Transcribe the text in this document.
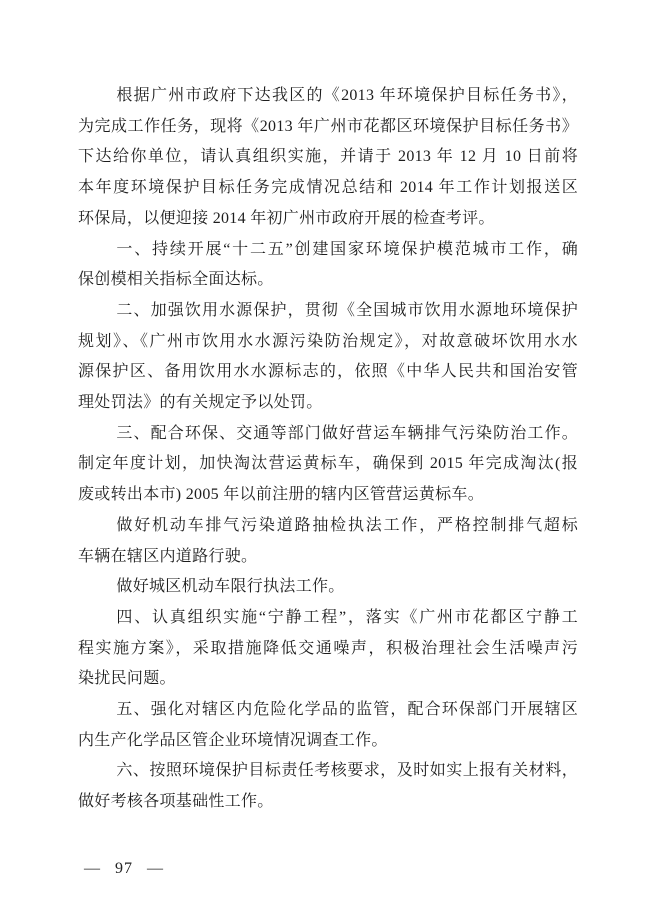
根据广州市政府下达我区的《2013 年环境保护目标任务书》，
为完成工作任务，现将《2013 年广州市花都区环境保护目标任务书》
下达给你单位，请认真组织实施，并请于 2013 年 12 月 10 日前将
本年度环境保护目标任务完成情况总结和 2014 年工作计划报送区
环保局，以便迎接 2014 年初广州市政府开展的检查考评。
一、持续开展“十二五”创建国家环境保护模范城市工作，确
保创模相关指标全面达标。
二、加强饮用水源保护，贯彻《全国城市饮用水源地环境保护
规划》、《广州市饮用水水源污染防治规定》，对故意破坏饮用水水
源保护区、备用饮用水水源标志的，依照《中华人民共和国治安管
理处罚法》的有关规定予以处罚。
三、配合环保、交通等部门做好营运车辆排气污染防治工作。
制定年度计划，加快淘汰营运黄标车，确保到 2015 年完成淘汰(报
废或转出本市) 2005 年以前注册的辖内区管营运黄标车。
做好机动车排气污染道路抽检执法工作，严格控制排气超标
车辆在辖区内道路行驶。
做好城区机动车限行执法工作。
四、认真组织实施“宁静工程”，落实《广州市花都区宁静工
程实施方案》，采取措施降低交通噪声，积极治理社会生活噪声污
染扰民问题。
五、强化对辖区内危险化学品的监管，配合环保部门开展辖区
内生产化学品区管企业环境情况调查工作。
六、按照环境保护目标责任考核要求，及时如实上报有关材料，
做好考核各项基础性工作。
— 97 —
